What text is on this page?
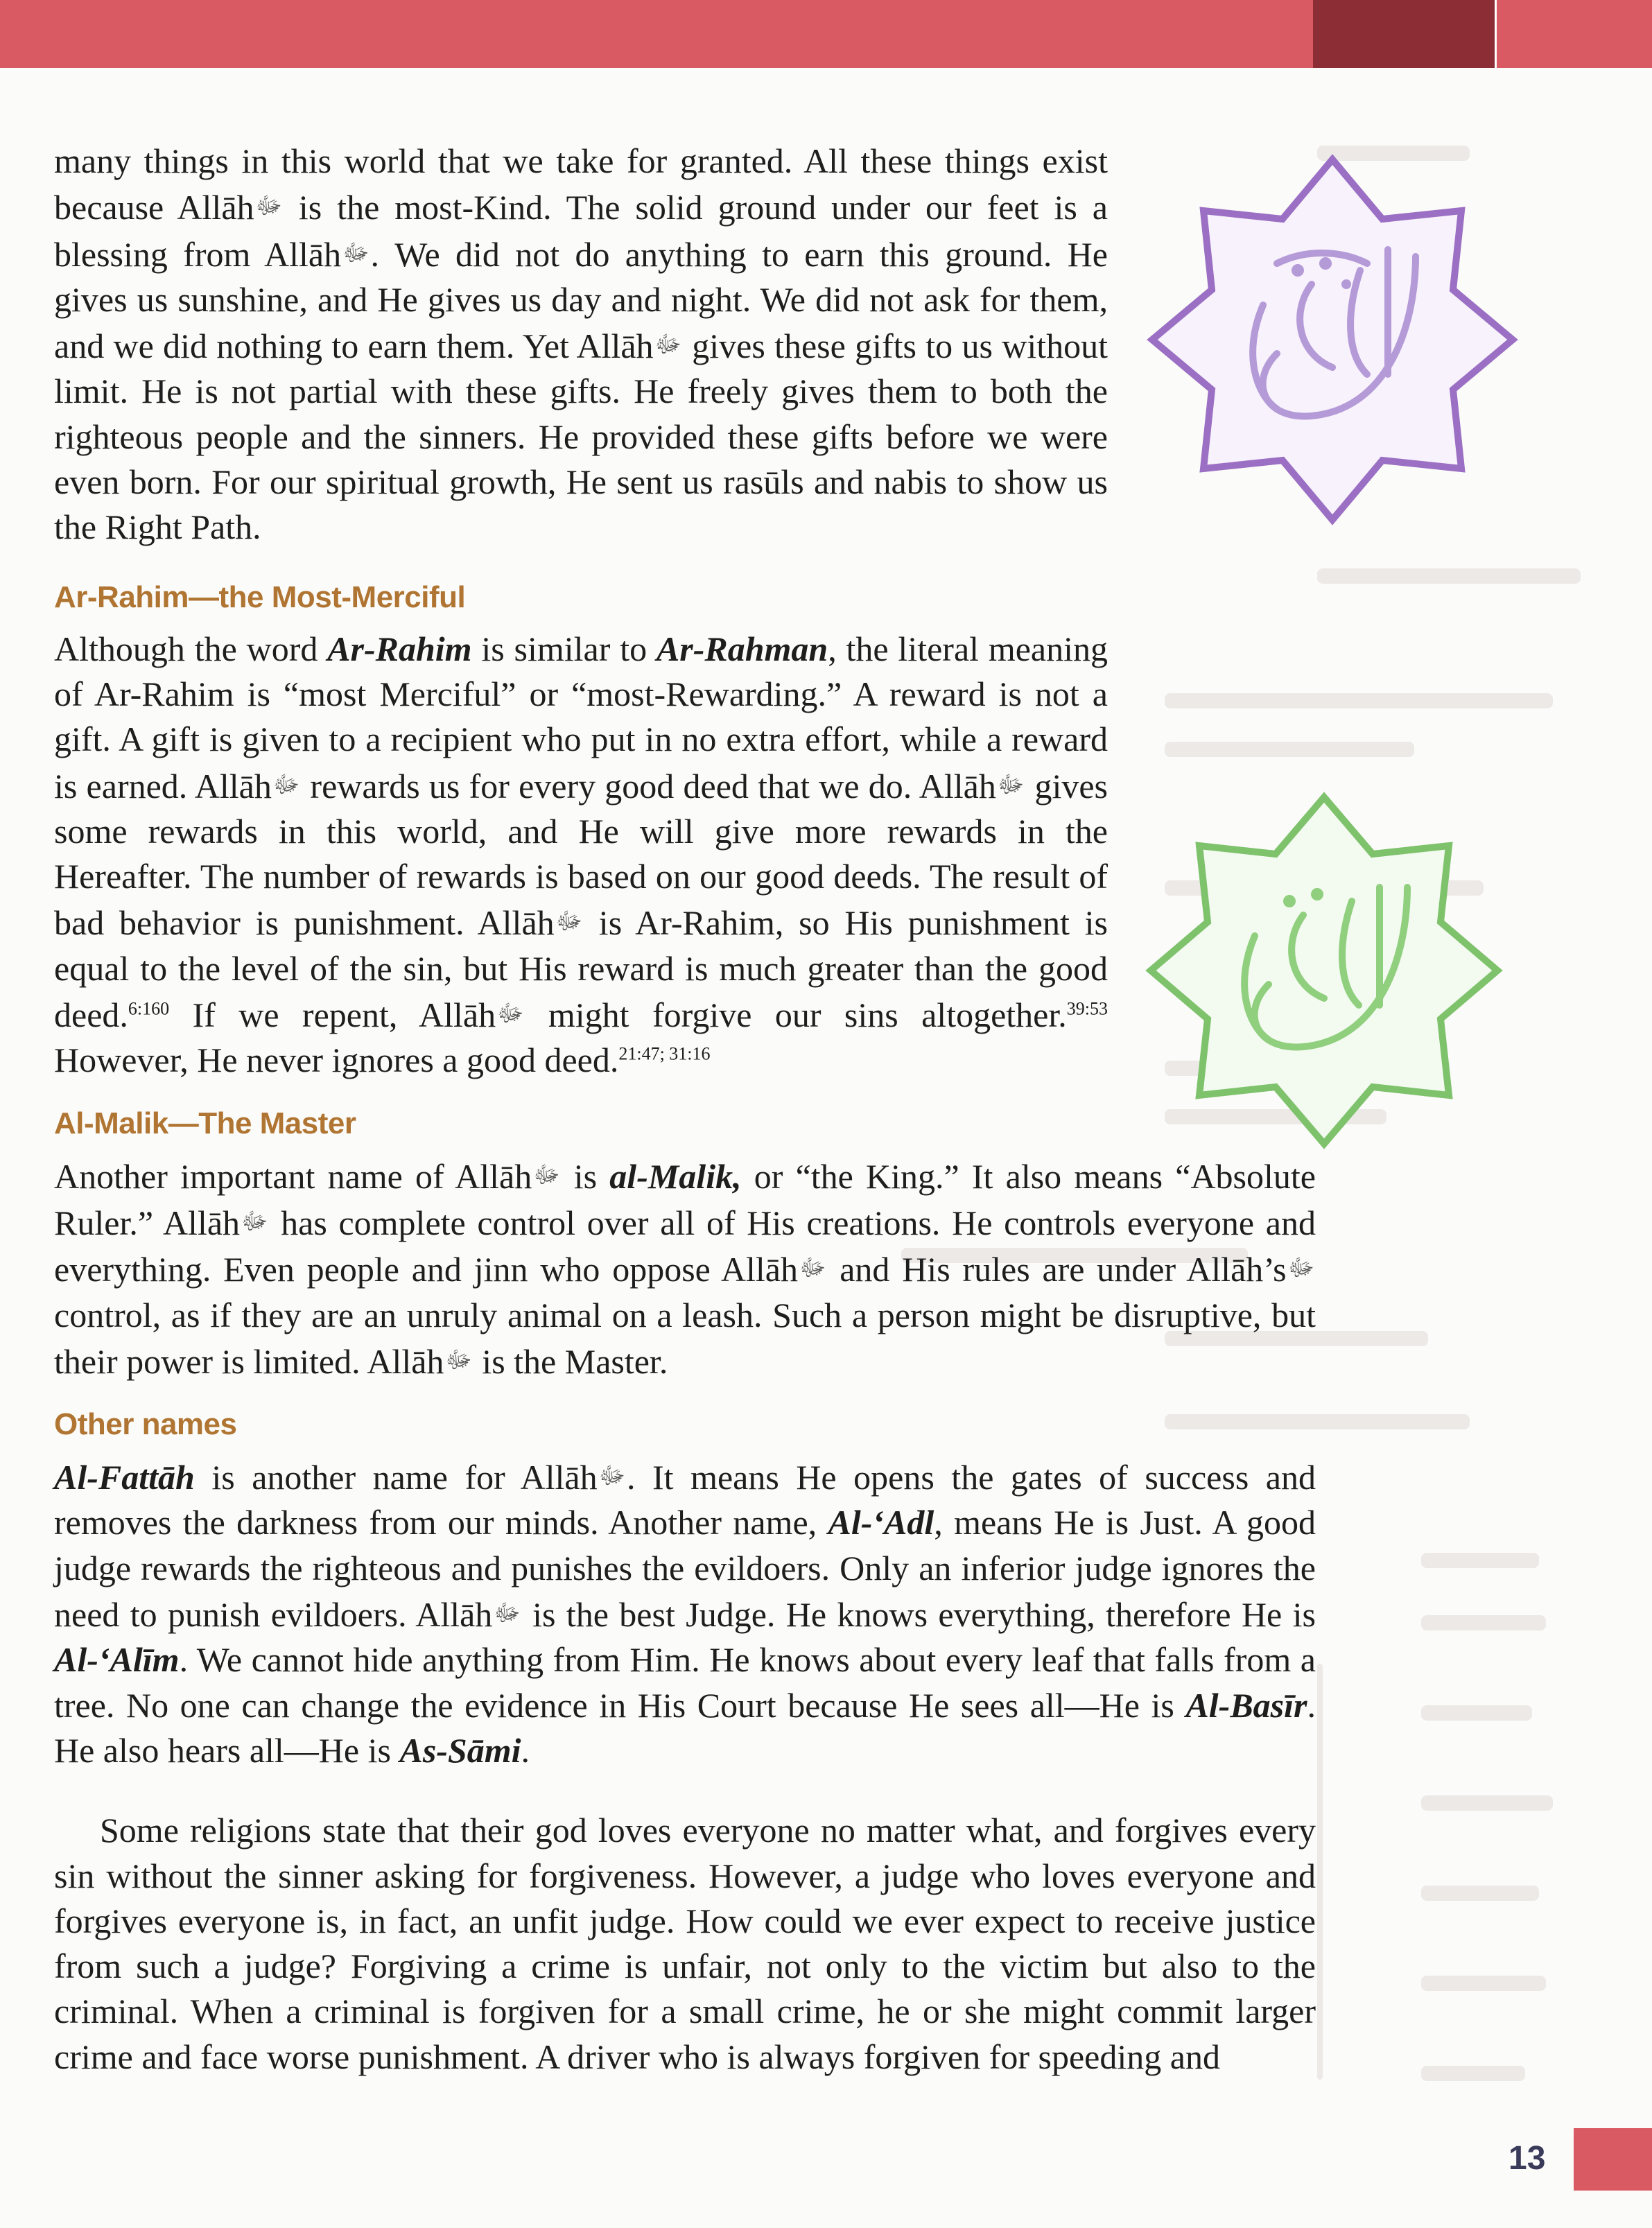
many things in this world that we take for granted. All these things exist because Allāhﷻ is the most-Kind. The solid ground under our feet is a blessing from Allāhﷻ. We did not do anything to earn this ground. He gives us sunshine, and He gives us day and night. We did not ask for them, and we did nothing to earn them. Yet Allāhﷻ gives these gifts to us without limit. He is not partial with these gifts. He freely gives them to both the righteous people and the sinners. He provided these gifts before we were even born. For our spiritual growth, He sent us rasūls and nabis to show us the Right Path.

Ar-Rahim—the Most-Merciful

Although the word Ar-Rahim is similar to Ar-Rahman, the literal meaning of Ar-Rahim is “most Merciful” or “most-Rewarding.” A reward is not a gift. A gift is given to a recipient who put in no extra effort, while a reward is earned. Allāhﷻ rewards us for every good deed that we do. Allāhﷻ gives some rewards in this world, and He will give more rewards in the Hereafter. The number of rewards is based on our good deeds. The result of bad behavior is punishment. Allāhﷻ is Ar-Rahim, so His punishment is equal to the level of the sin, but His reward is much greater than the good deed.$^{6:160}$ If we repent, Allāhﷻ might forgive our sins altogether.$^{39:53}$ However, He never ignores a good deed.$^{21:47; 31:16}$

Al-Malik—The Master

Another important name of Allāhﷻ is al-Malik, or “the King.” It also means “Absolute Ruler.” Allāhﷻ has complete control over all of His creations. He controls everyone and everything. Even people and jinn who oppose Allāhﷻ and His rules are under Allāh’sﷻ control, as if they are an unruly animal on a leash. Such a person might be disruptive, but their power is limited. Allāhﷻ is the Master.

Other names

Al-Fattāh is another name for Allāhﷻ. It means He opens the gates of success and removes the darkness from our minds. Another name, Al-‘Adl, means He is Just. A good judge rewards the righteous and punishes the evildoers. Only an inferior judge ignores the need to punish evildoers. Allāhﷻ is the best Judge. He knows everything, therefore He is Al-‘Alīm. We cannot hide anything from Him. He knows about every leaf that falls from a tree. No one can change the evidence in His Court because He sees all—He is Al-Basīr. He also hears all—He is As-Sāmi.

Some religions state that their god loves everyone no matter what, and forgives every sin without the sinner asking for forgiveness. However, a judge who loves everyone and forgives everyone is, in fact, an unfit judge. How could we ever expect to receive justice from such a judge? Forgiving a crime is unfair, not only to the victim but also to the criminal. When a criminal is forgiven for a small crime, he or she might commit larger crime and face worse punishment. A driver who is always forgiven for speeding and

13
